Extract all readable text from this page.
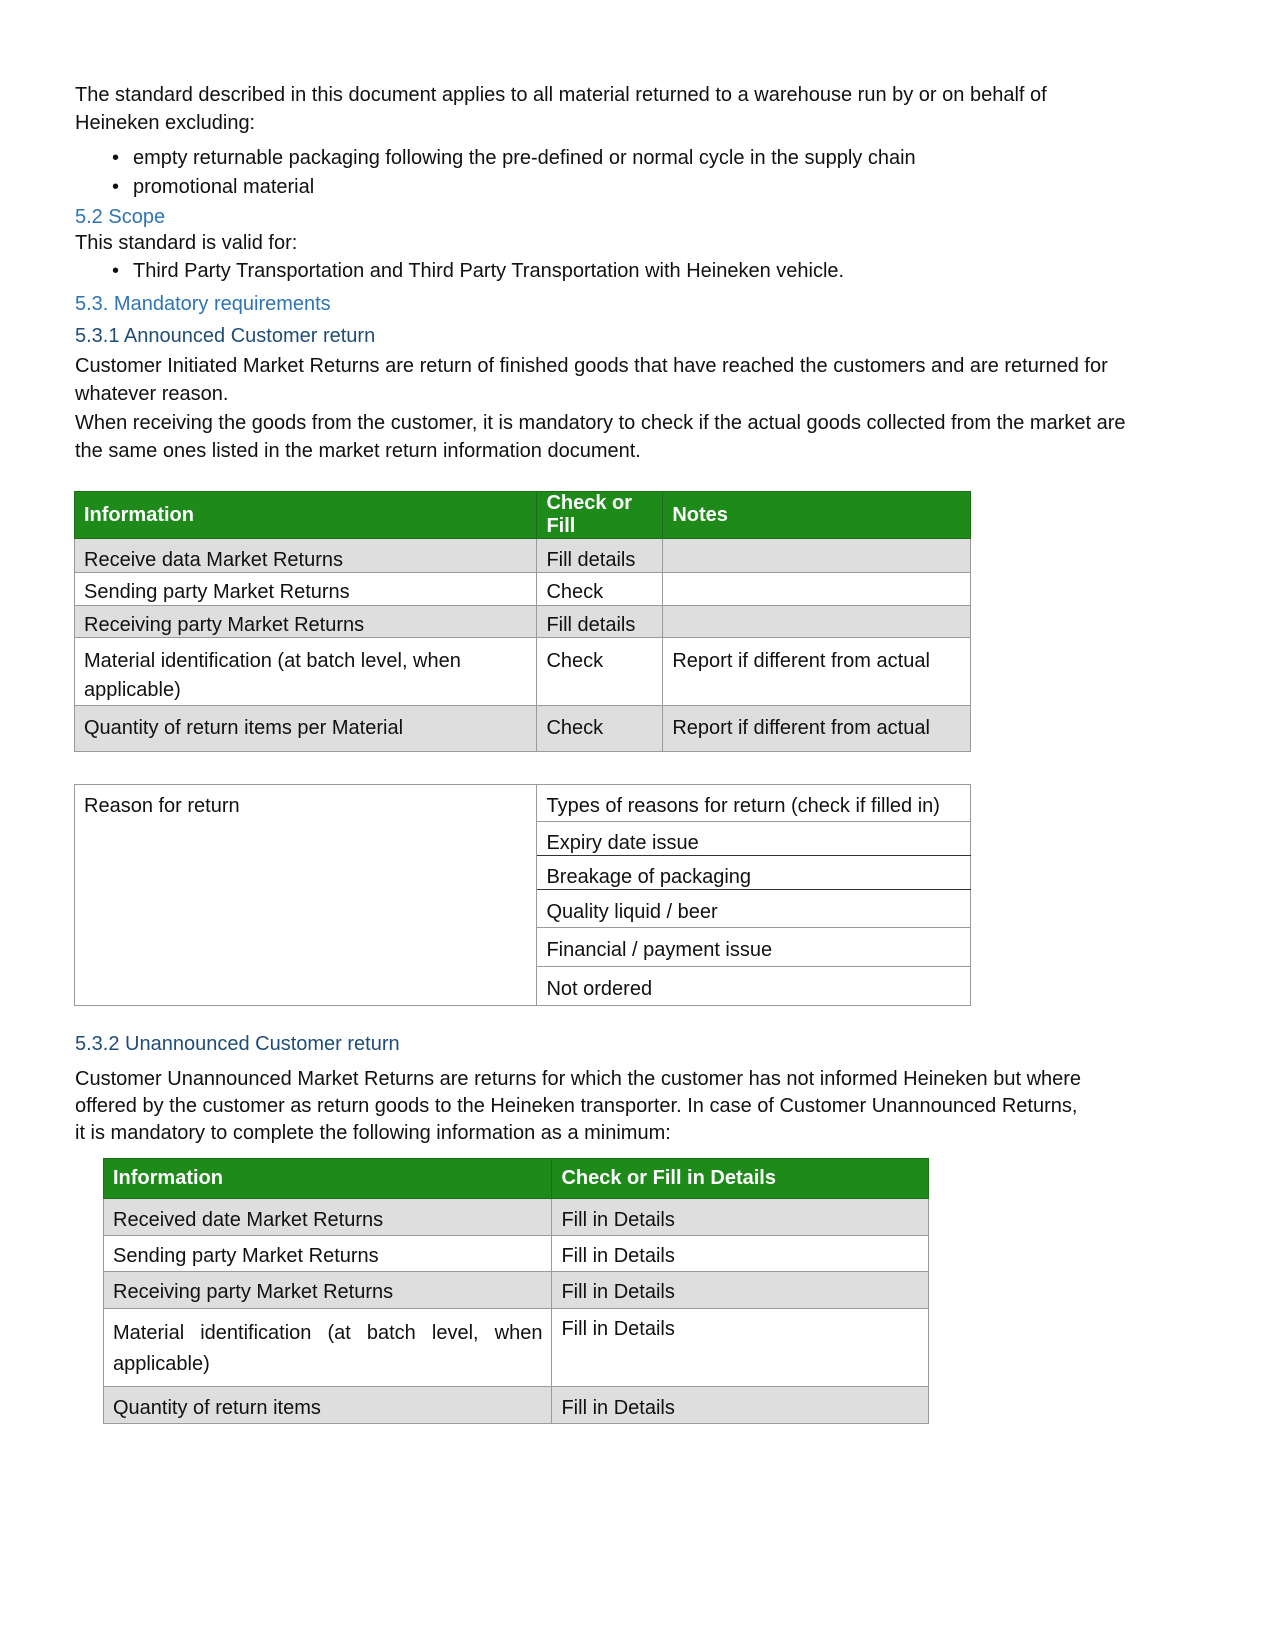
The standard described in this document applies to all material returned to a warehouse run by or on behalf of
Heineken excluding:

• empty returnable packaging following the pre-defined or normal cycle in the supply chain
• promotional material

5.2 Scope

This standard is valid for:

• Third Party Transportation and Third Party Transportation with Heineken vehicle.

5.3. Mandatory requirements

5.3.1 Announced Customer return

Customer Initiated Market Returns are return of finished goods that have reached the customers and are returned for
whatever reason.

When receiving the goods from the customer, it is mandatory to check if the actual goods collected from the market are
the same ones listed in the market return information document.

Information	Check or Fill	Notes
Receive data Market Returns	Fill details	
Sending party Market Returns	Check	
Receiving party Market Returns	Fill details	
Material identification (at batch level, when applicable)	Check	Report if different from actual
Quantity of return items per Material	Check	Report if different from actual
Reason for return	Types of reasons for return (check if filled in)
Expiry date issue
Breakage of packaging
Quality liquid / beer
Financial / payment issue
Not ordered

5.3.2 Unannounced Customer return

Customer Unannounced Market Returns are returns for which the customer has not informed Heineken but where
offered by the customer as return goods to the Heineken transporter. In case of Customer Unannounced Returns,
it is mandatory to complete the following information as a minimum:

Information	Check or Fill in Details
Received date Market Returns	Fill in Details
Sending party Market Returns	Fill in Details
Receiving party Market Returns	Fill in Details
Material identification (at batch level, when applicable)	Fill in Details
Quantity of return items	Fill in Details
